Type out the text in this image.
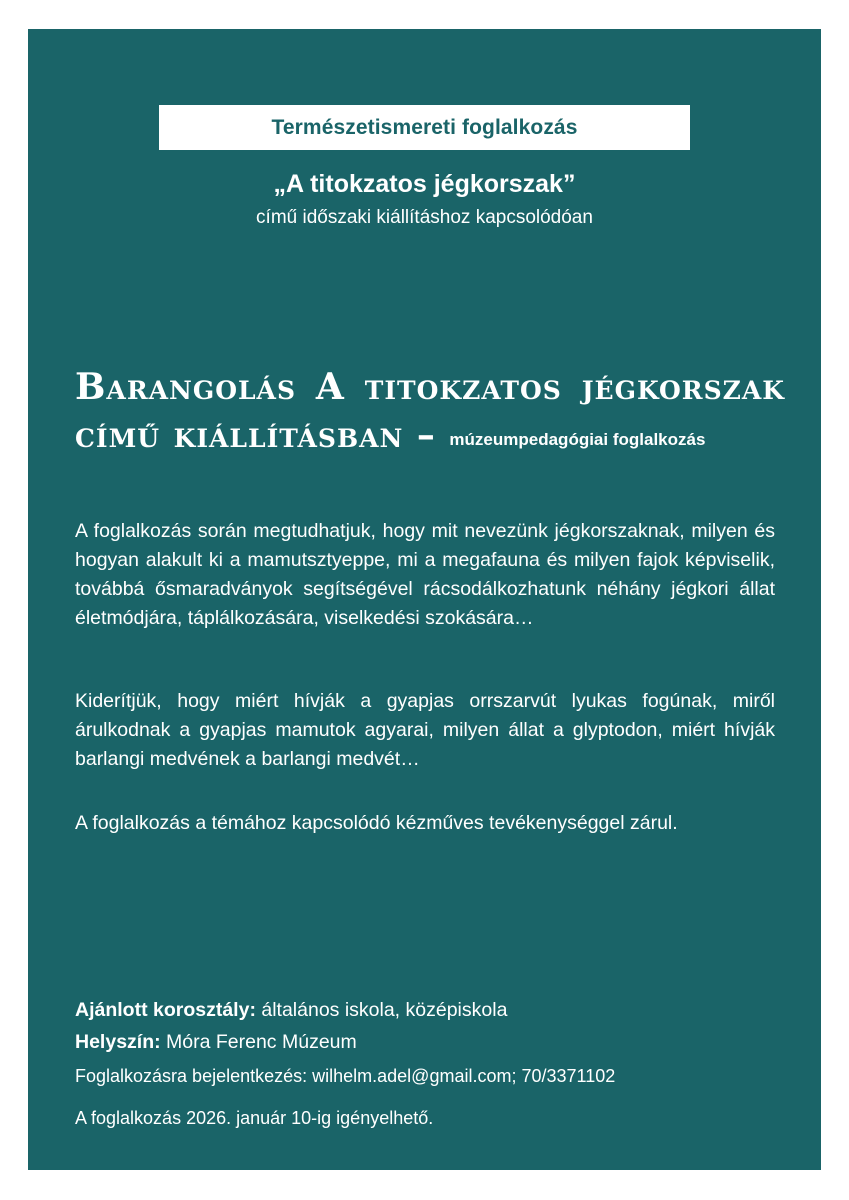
Természetismereti foglalkozás
„A titokzatos jégkorszak”
című időszaki kiállításhoz kapcsolódóan
Barangolás A titokzatos jégkorszak
című kiállításban – múzeumpedagógiai foglalkozás

A foglalkozás során megtudhatjuk, hogy mit nevezünk jégkorszaknak, milyen és hogyan alakult ki a mamutsztyeppe, mi a megafauna és milyen fajok képviselik, továbbá ősmaradványok segítségével rácsodálkozhatunk néhány jégkori állat életmódjára, táplálkozására, viselkedési szokására…

Kiderítjük, hogy miért hívják a gyapjas orrszarvút lyukas fogúnak, miről árulkodnak a gyapjas mamutok agyarai, milyen állat a glyptodon, miért hívják barlangi medvének a barlangi medvét…

A foglalkozás a témához kapcsolódó kézműves tevékenységgel zárul.

Ajánlott korosztály: általános iskola, középiskola
Helyszín: Móra Ferenc Múzeum
Foglalkozásra bejelentkezés: wilhelm.adel@gmail.com; 70/3371102
A foglalkozás 2026. január 10-ig igényelhető.
